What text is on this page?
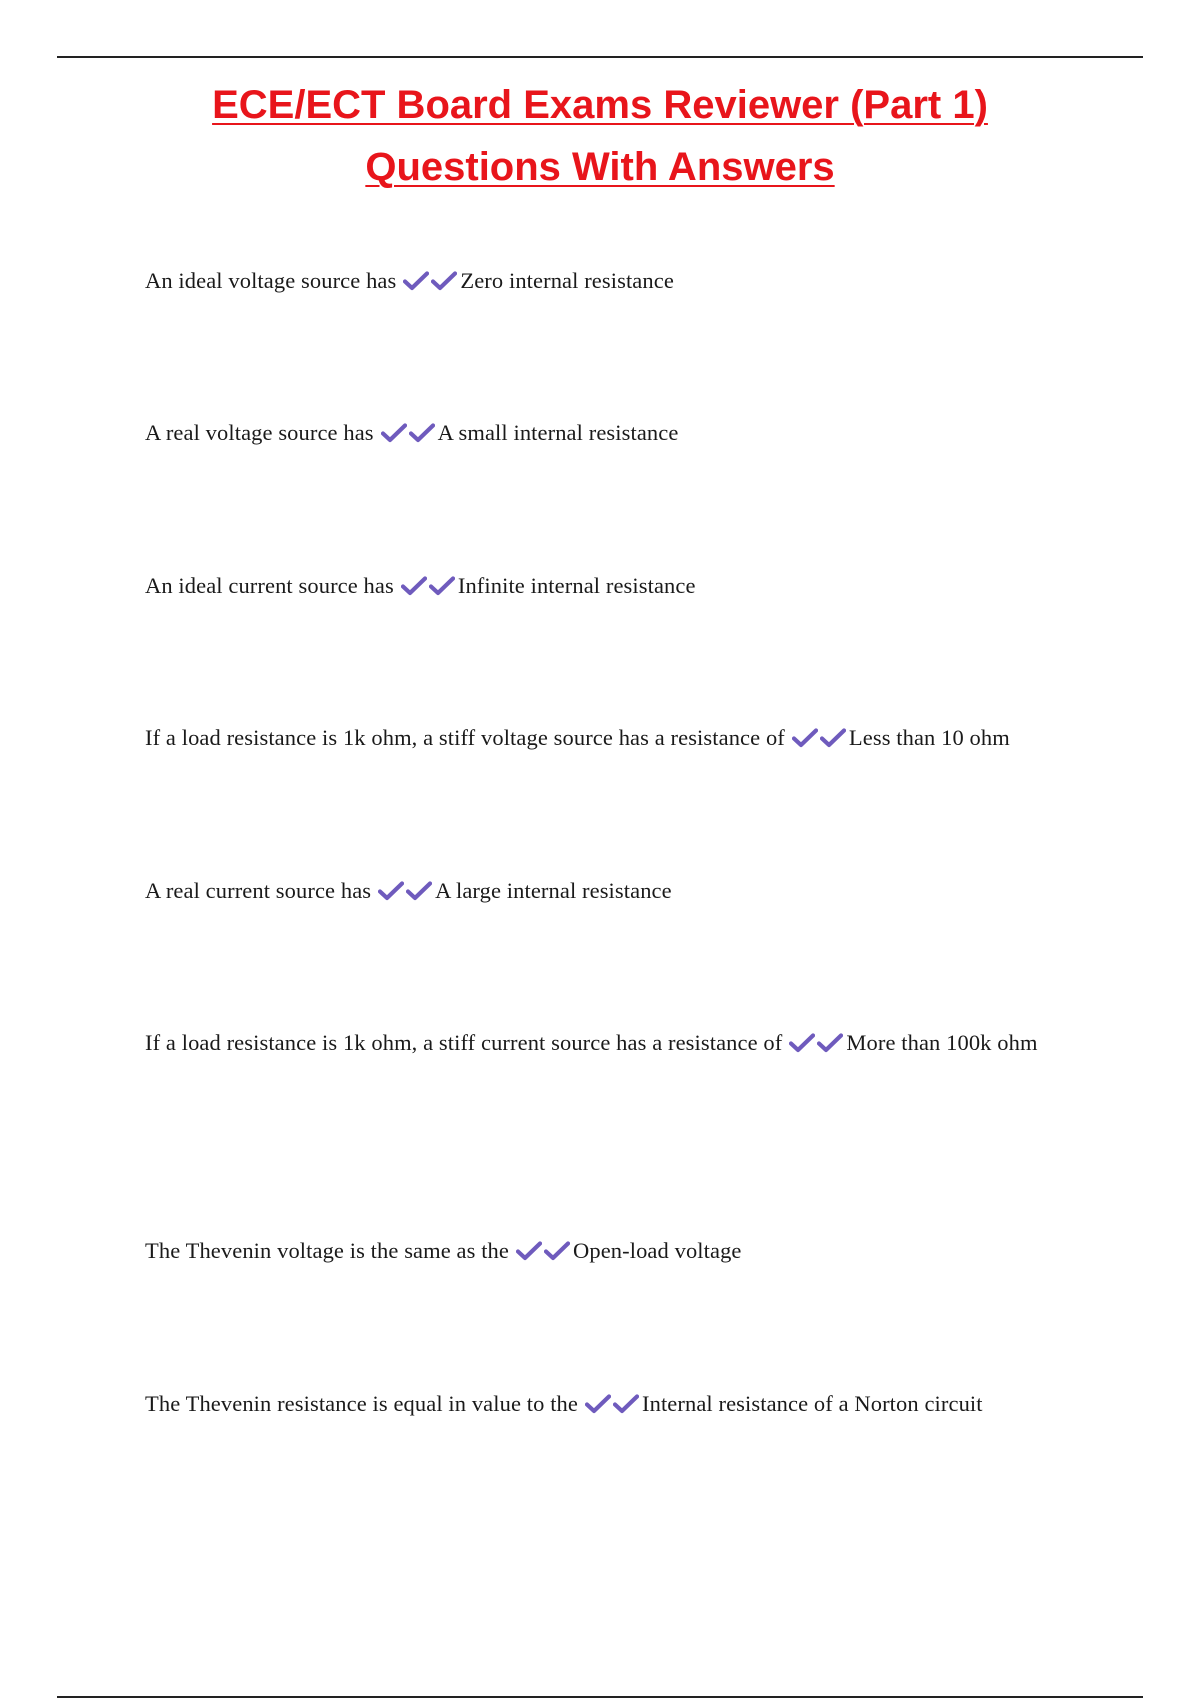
ECE/ECT Board Exams Reviewer (Part 1)
Questions With Answers
An ideal voltage source has	Zero internal resistance
A real voltage source has	A small internal resistance
An ideal current source has	Infinite internal resistance
If a load resistance is 1k ohm, a stiff voltage source has a resistance of	Less than 10 ohm
A real current source has	A large internal resistance
If a load resistance is 1k ohm, a stiff current source has a resistance of	More than 100k ohm
The Thevenin voltage is the same as the	Open-load voltage
The Thevenin resistance is equal in value to the	Internal resistance of a Norton circuit
